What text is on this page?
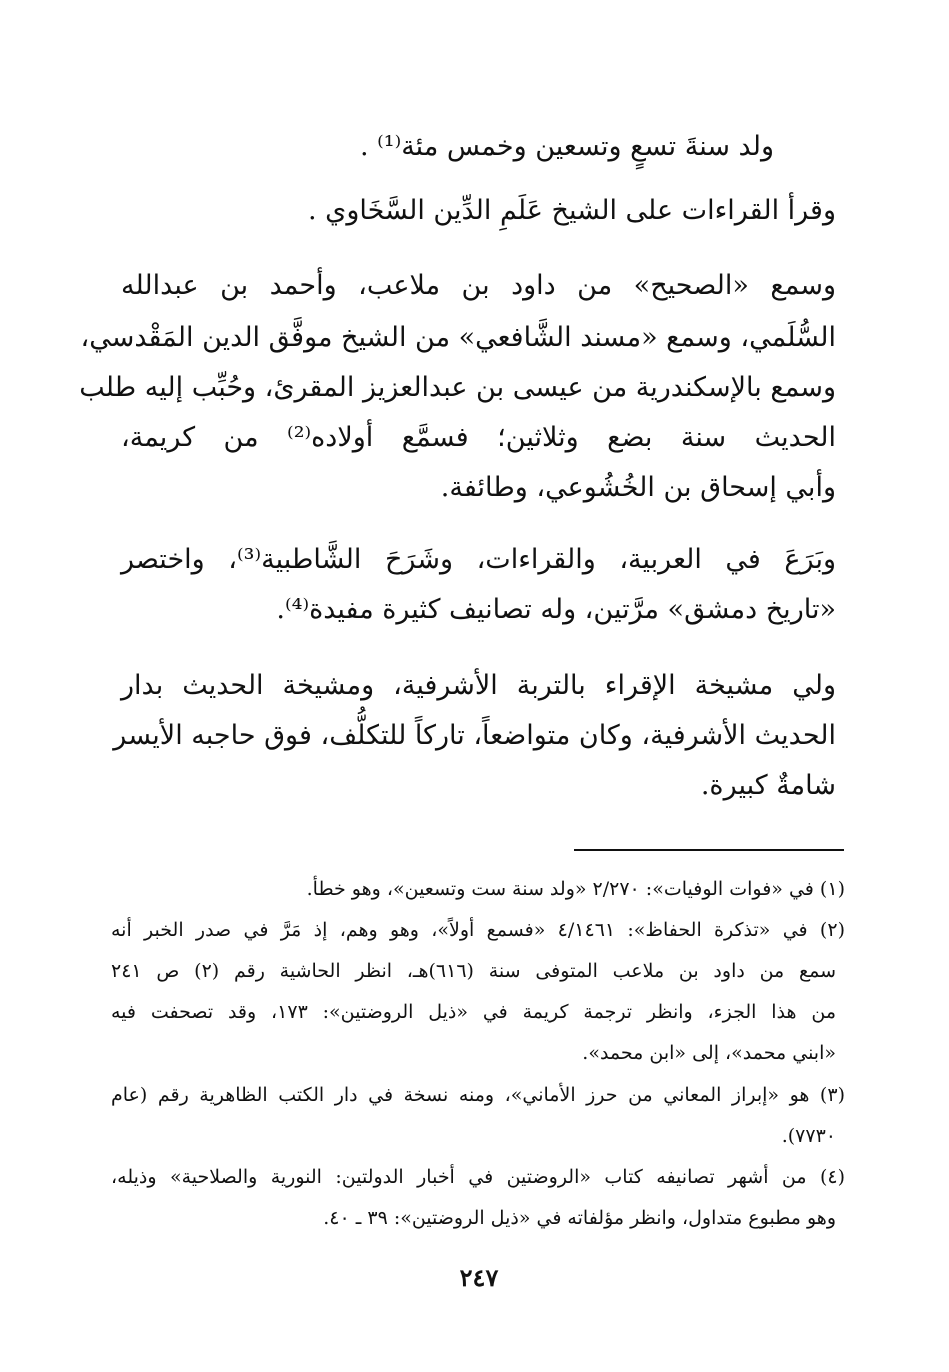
ولد سنةَ تسعٍ وتسعين وخمس مئة⁽¹⁾ .
وقرأ القراءات على الشيخ عَلَمِ الدِّين السَّخَاوي .
وسمع «الصحيح» من داود بن ملاعب، وأحمد بن عبدالله
السُّلَمي، وسمع «مسند الشَّافعي» من الشيخ موفَّق الدين المَقْدسي،
وسمع بالإسكندرية من عيسى بن عبدالعزيز المقرئ، وحُبِّب إليه طلب
الحديث سنة بضع وثلاثين؛ فسمَّع أولاده⁽²⁾ من كريمة،
وأبي إسحاق بن الخُشُوعي، وطائفة.
وبَرَعَ في العربية، والقراءات، وشَرَحَ الشَّاطبية⁽³⁾، واختصر
«تاريخ دمشق» مرَّتين، وله تصانيف كثيرة مفيدة⁽⁴⁾.
ولي مشيخة الإقراء بالتربة الأشرفية، ومشيخة الحديث بدار
الحديث الأشرفية، وكان متواضعاً، تاركاً للتكلُّف، فوق حاجبه الأيسر
شامةٌ كبيرة.
(١) في «فوات الوفيات»: ٢/٢٧٠ «ولد سنة ست وتسعين»، وهو خطأ.
(٢) في «تذكرة الحفاظ»: ٤/١٤٦١ «فسمع أولاً»، وهو وهم، إذ مَرَّ في صدر الخبر أنه
سمع من داود بن ملاعب المتوفى سنة (٦١٦)هـ، انظر الحاشية رقم (٢) ص ٢٤١
من هذا الجزء، وانظر ترجمة كريمة في «ذيل الروضتين»: ١٧٣، وقد تصحفت فيه
«ابني محمد»، إلى «ابن محمد».
(٣) هو «إبراز المعاني من حرز الأماني»، ومنه نسخة في دار الكتب الظاهرية رقم (عام
٧٧٣٠).
(٤) من أشهر تصانيفه كتاب «الروضتين في أخبار الدولتين: النورية والصلاحية» وذيله،
وهو مطبوع متداول، وانظر مؤلفاته في «ذيل الروضتين»: ٣٩ ـ ٤٠.
٢٤٧
